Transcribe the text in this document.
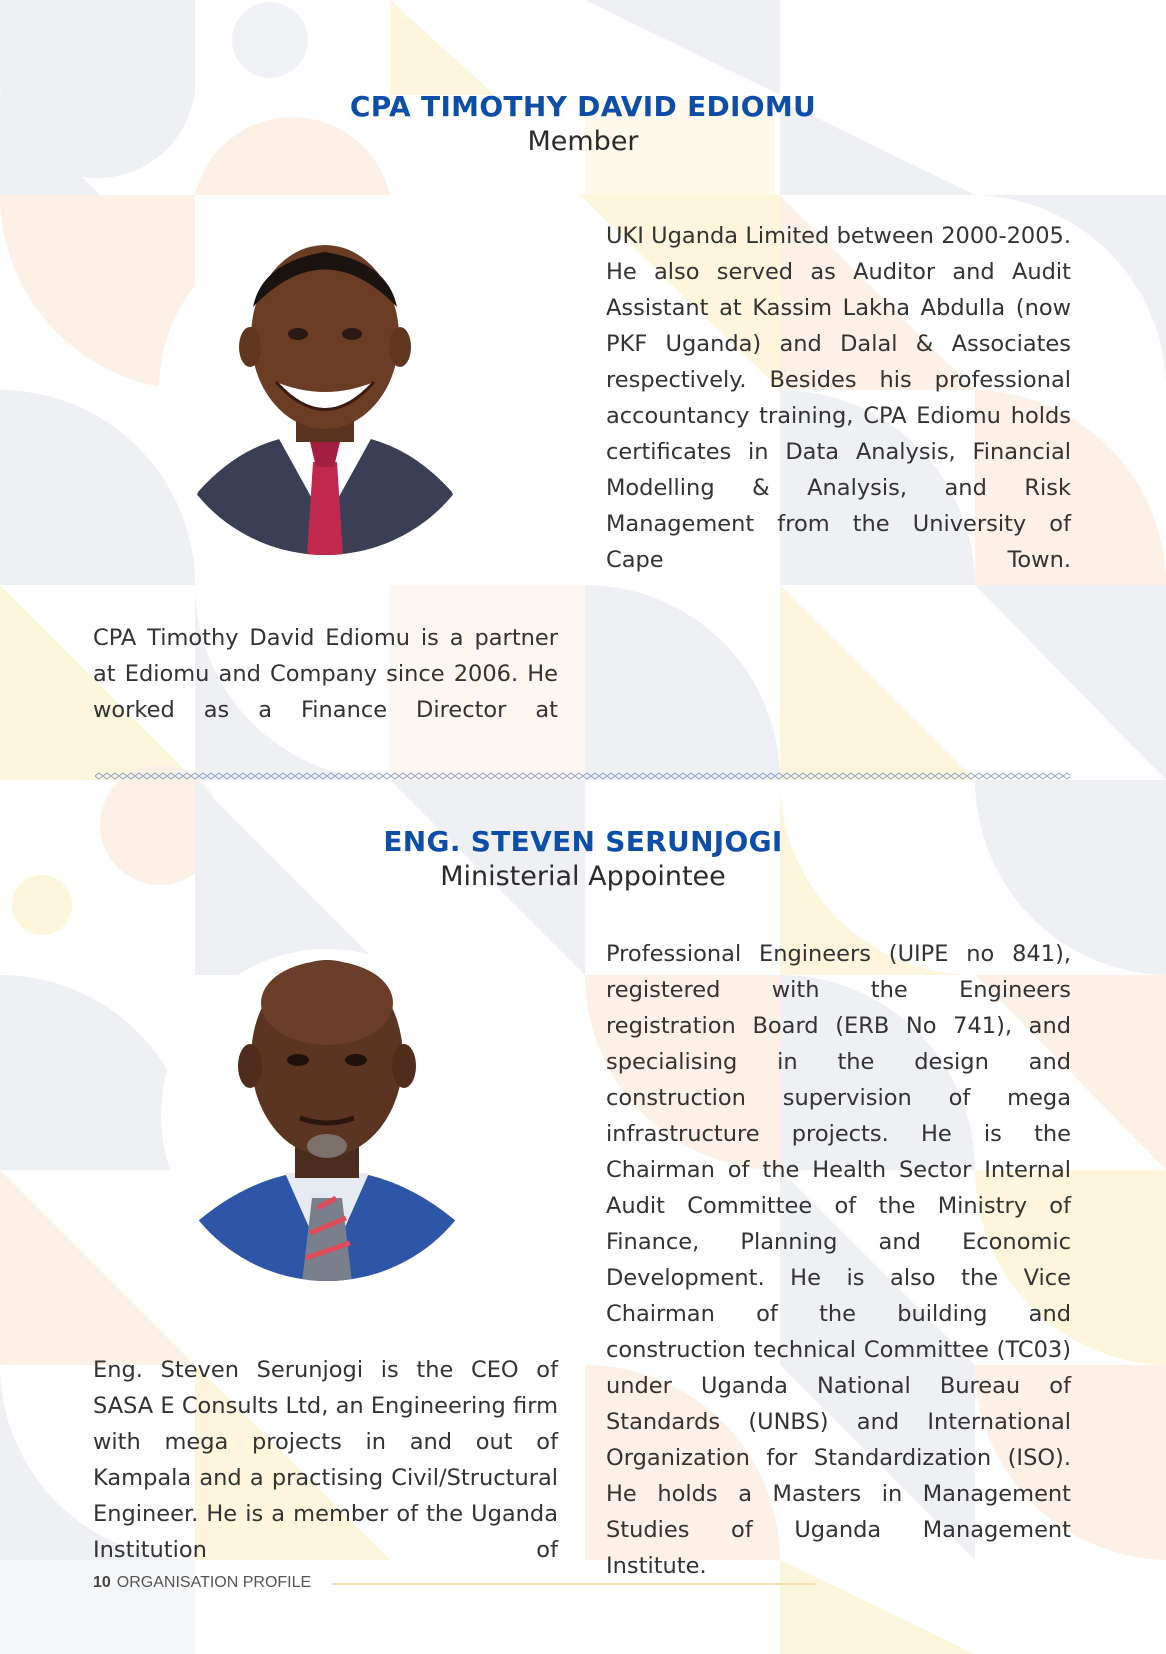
CPA TIMOTHY DAVID EDIOMU
Member

CPA Timothy David Ediomu is a partner at Ediomu and Company since 2006. He worked as a Finance Director at

UKI Uganda Limited between 2000-2005. He also served as Auditor and Audit Assistant at Kassim Lakha Abdulla (now PKF Uganda) and Dalal & Associates respectively. Besides his professional accountancy training, CPA Ediomu holds certificates in Data Analysis, Financial Modelling & Analysis, and Risk Management from the University of Cape Town.

ENG. STEVEN SERUNJOGI
Ministerial Appointee

Eng. Steven Serunjogi is the CEO of SASA E Consults Ltd, an Engineering firm with mega projects in and out of Kampala and a practising Civil/Structural Engineer. He is a member of the Uganda Institution of

Professional Engineers (UIPE no 841), registered with the Engineers registration Board (ERB No 741), and specialising in the design and construction supervision of mega infrastructure projects. He is the Chairman of the Health Sector Internal Audit Committee of the Ministry of Finance, Planning and Economic Development. He is also the Vice Chairman of the building and construction technical Committee (TC03) under Uganda National Bureau of Standards (UNBS) and International Organization for Standardization (ISO). He holds a Masters in Management Studies of Uganda Management Institute.

10 ORGANISATION PROFILE
